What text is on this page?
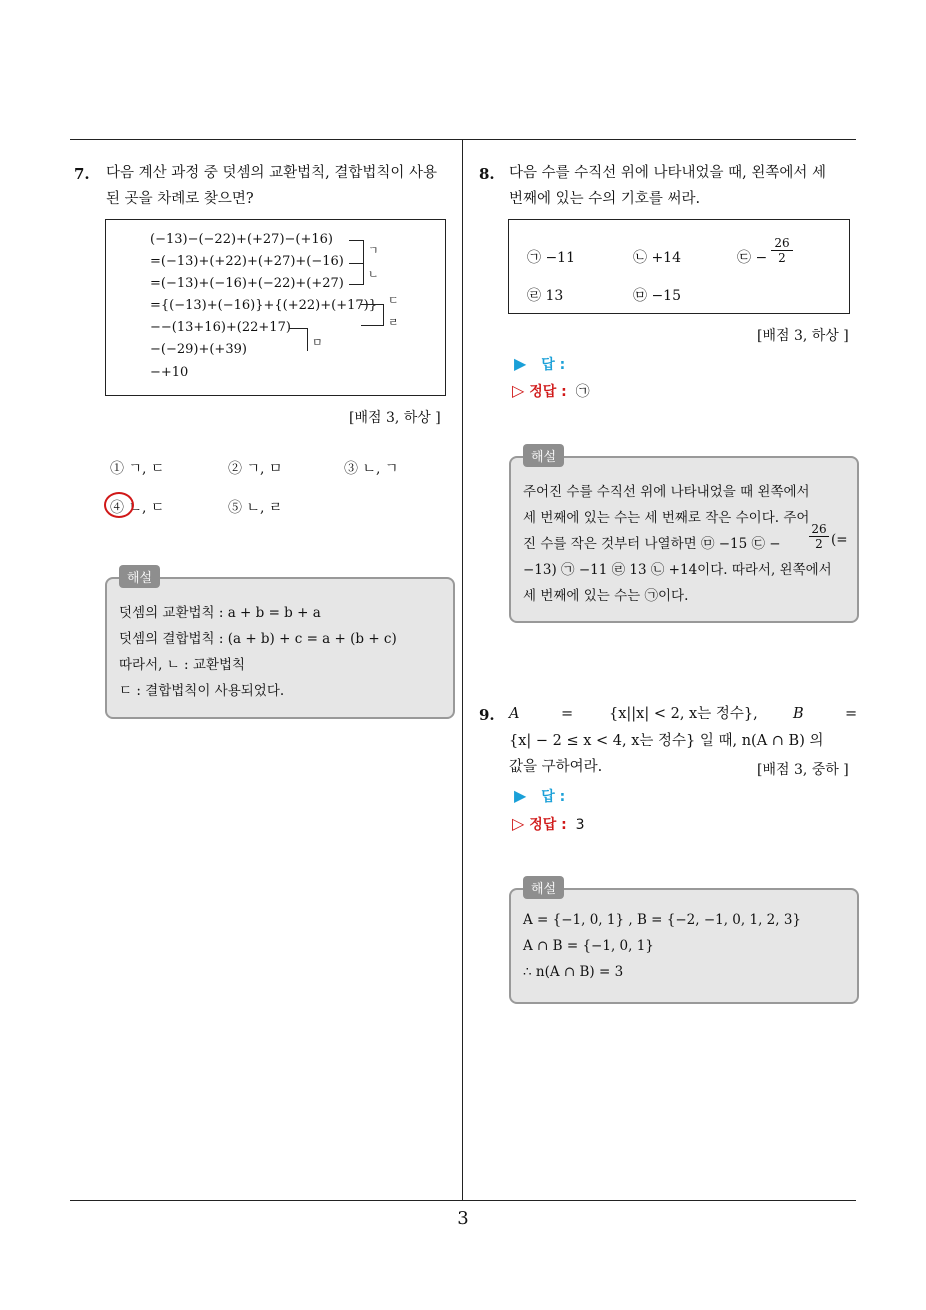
7. 다음 계산 과정 중 덧셈의 교환법칙, 결합법칙이 사용
된 곳을 차례로 찾으면?
(−13)−(−22)+(+27)−(+16)
=(−13)+(+22)+(+27)+(−16)
=(−13)+(−16)+(−22)+(+27)
={(−13)+(−16)}+{(+22)+(+17)}
−−(13+16)+(22+17)
−(−29)+(+39)
−+10
ㄱ
ㄴ
ㄷ
ㄹ
ㅁ
[배점 3, 하상 ]
① ㄱ, ㄷ	② ㄱ, ㅁ	③ ㄴ, ㄱ
④ ㄴ, ㄷ	⑤ ㄴ, ㄹ
해설
덧셈의 교환법칙 : a + b = b + a
덧셈의 결합법칙 : (a + b) + c = a + (b + c)
따라서, ㄴ : 교환법칙
ㄷ : 결합법칙이 사용되었다.
8. 다음 수를 수직선 위에 나타내었을 때, 왼쪽에서 세
번째에 있는 수의 기호를 써라.
㉠ −11	㉡ +14	㉢ − $\frac{26}{2}$
㉣ 13	㉤ −15
[배점 3, 하상 ]
▶ 답 :
▷ 정답 : ㉠
해설
주어진 수를 수직선 위에 나타내었을 때 왼쪽에서
세 번째에 있는 수는 세 번째로 작은 수이다. 주어
진 수를 작은 것부터 나열하면 ㉤ −15 ㉢ − $\frac{26}{2}$ (=
−13) ㉠ −11 ㉣ 13 ㉡ +14이다. 따라서, 왼쪽에서
세 번째에 있는 수는 ㉠이다.
9. A	= {x||x| < 2, x는 정수}, B	=
{x| − 2 ≤ x < 4, x는 정수} 일 때, n(A ∩ B) 의
값을 구하여라.	[배점 3, 중하 ]
▶ 답 :
▷ 정답 : 3
해설
A = {−1, 0, 1} , B = {−2, −1, 0, 1, 2, 3}
A ∩ B = {−1, 0, 1}
∴ n(A ∩ B) = 3
3
